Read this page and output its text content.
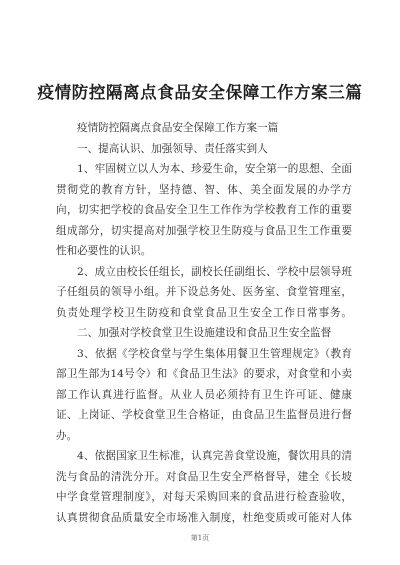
疫情防控隔离点食品安全保障工作方案三篇
疫情防控隔离点食品安全保障工作方案一篇
一、提高认识、加强领导、责任落实到人
1、牢固树立以人为本、珍爱生命，安全第一的思想、全面
贯彻党的教育方针，坚持德、智、体、美全面发展的办学方
向，切实把学校的食品安全卫生工作作为学校教育工作的重要
组成部分，切实提高对加强学校卫生防疫与食品卫生工作重要
性和必要性的认识。
2、成立由校长任组长，副校长任副组长、学校中层领导班
子任组员的领导小组。并下设总务处、医务室、食堂管理室，
负责处理学校卫生防疫和食堂食品卫生安全工作日常事务。
二、加强对学校食堂卫生设施建设和食品卫生安全监督
3、依据《学校食堂与学生集体用餐卫生管理规定》（教育
部卫生部为14号令）和《食品卫生法》的要求，对食堂和小卖
部工作认真进行监督。从业人员必须持有卫生许可证、健康
证、上岗证、学校食堂卫生合格证，由食品卫生监督员进行督
办。
4、依据国家卫生标准，认真完善食堂设施，餐饮用具的清
洗与食品的清洗分开。对食品卫生安全严格督导，建全《长坡
中学食堂管理制度》，对每天采购回来的食品进行检查验收，
认真贯彻食品质量安全市场准入制度，杜绝变质或可能对人体
第1页
